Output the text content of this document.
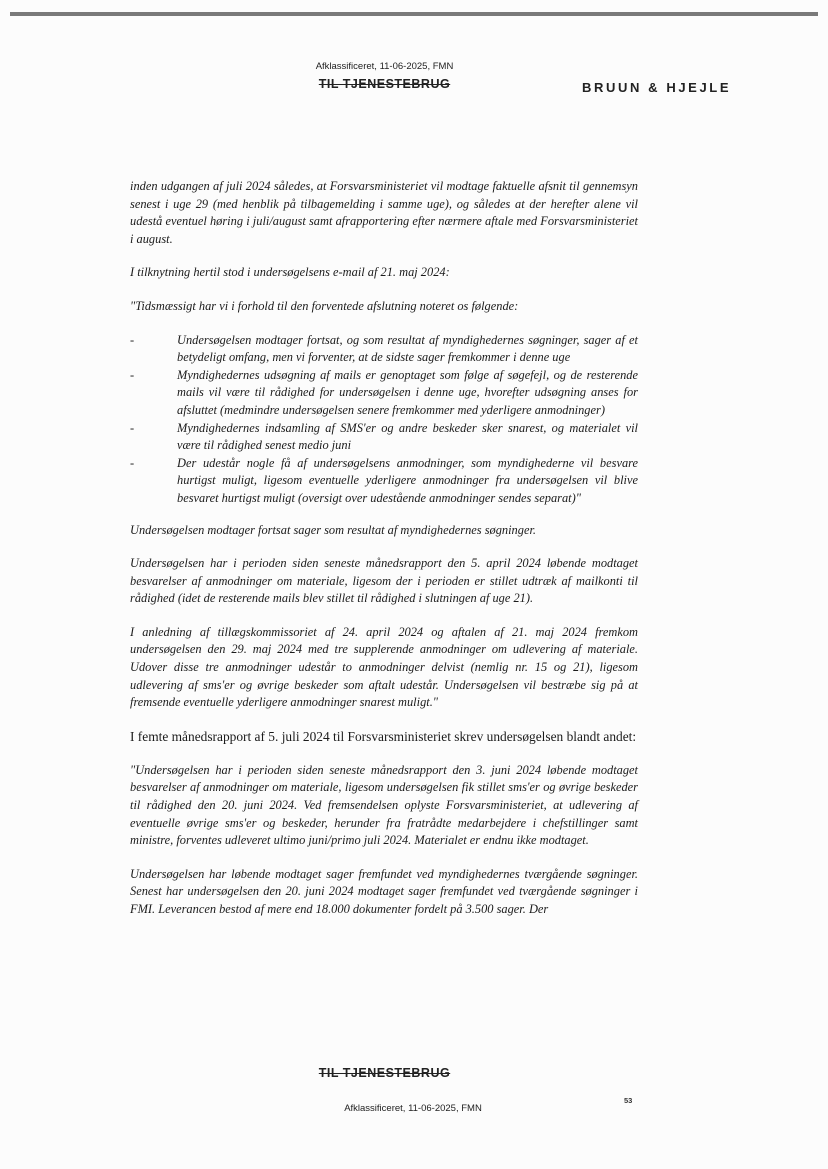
Afklassificeret, 11-06-2025, FMN
TIL TJENESTEBRUG	BRUUN & HJEJLE

inden udgangen af juli 2024 således, at Forsvarsministeriet vil modtage faktuelle afsnit til gennemsyn senest i uge 29 (med henblik på tilbagemelding i samme uge), og således at der herefter alene vil udestå eventuel høring i juli/august samt afrapportering efter nærmere aftale med Forsvarsministeriet i august.

I tilknytning hertil stod i undersøgelsens e-mail af 21. maj 2024:

"Tidsmæssigt har vi i forhold til den forventede afslutning noteret os følgende:

- Undersøgelsen modtager fortsat, og som resultat af myndighedernes søgninger, sager af et betydeligt omfang, men vi forventer, at de sidste sager fremkommer i denne uge
- Myndighedernes udsøgning af mails er genoptaget som følge af søgefejl, og de resterende mails vil være til rådighed for undersøgelsen i denne uge, hvorefter udsøgning anses for afsluttet (medmindre undersøgelsen senere fremkommer med yderligere anmodninger)
- Myndighedernes indsamling af SMS'er og andre beskeder sker snarest, og materialet vil være til rådighed senest medio juni
- Der udestår nogle få af undersøgelsens anmodninger, som myndighederne vil besvare hurtigst muligt, ligesom eventuelle yderligere anmodninger fra undersøgelsen vil blive besvaret hurtigst muligt (oversigt over udestående anmodninger sendes separat)"

Undersøgelsen modtager fortsat sager som resultat af myndighedernes søgninger.

Undersøgelsen har i perioden siden seneste månedsrapport den 5. april 2024 løbende modtaget besvarelser af anmodninger om materiale, ligesom der i perioden er stillet udtræk af mailkonti til rådighed (idet de resterende mails blev stillet til rådighed i slutningen af uge 21).

I anledning af tillægskommissoriet af 24. april 2024 og aftalen af 21. maj 2024 fremkom undersøgelsen den 29. maj 2024 med tre supplerende anmodninger om udlevering af materiale. Udover disse tre anmodninger udestår to anmodninger delvist (nemlig nr. 15 og 21), ligesom udlevering af sms'er og øvrige beskeder som aftalt udestår. Undersøgelsen vil bestræbe sig på at fremsende eventuelle yderligere anmodninger snarest muligt."

I femte månedsrapport af 5. juli 2024 til Forsvarsministeriet skrev undersøgelsen blandt andet:

"Undersøgelsen har i perioden siden seneste månedsrapport den 3. juni 2024 løbende modtaget besvarelser af anmodninger om materiale, ligesom undersøgelsen fik stillet sms'er og øvrige beskeder til rådighed den 20. juni 2024. Ved fremsendelsen oplyste Forsvarsministeriet, at udlevering af eventuelle øvrige sms'er og beskeder, herunder fra fratrådte medarbejdere i chefstillinger samt ministre, forventes udleveret ultimo juni/primo juli 2024. Materialet er endnu ikke modtaget.

Undersøgelsen har løbende modtaget sager fremfundet ved myndighedernes tværgående søgninger. Senest har undersøgelsen den 20. juni 2024 modtaget sager fremfundet ved tværgående søgninger i FMI. Leverancen bestod af mere end 18.000 dokumenter fordelt på 3.500 sager. Der

TIL TJENESTEBRUG
53
Afklassificeret, 11-06-2025, FMN
